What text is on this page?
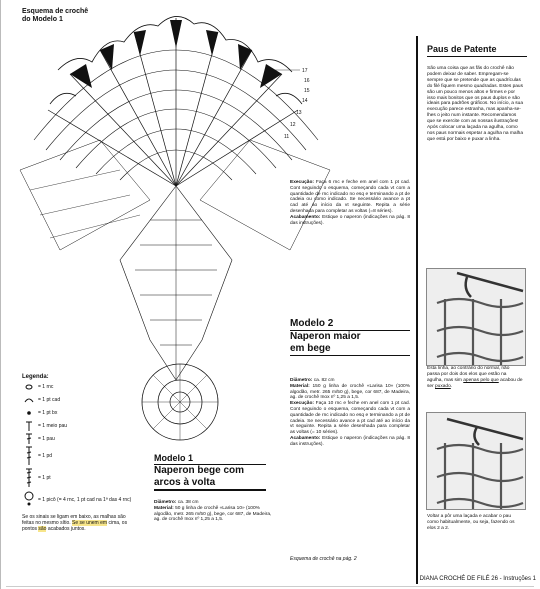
17
16
15
14
13
12
11
Esquema de crochê
do Modelo 1
Legenda:
= 1 rnc
= 1 pt cad
= 1 pt bx
= 1 meio pau
= 1 pau
= 1 pd
= 1 pt
= 1 picô (= 4 rnc, 1 pt cad na 1ª das 4 rnc)
Se os sinais se ligam em baixo, as malhas são feitas no mesmo sítio. Se se unem em cima, os pontos são acabados juntos.
Modelo 1
Naperon bege com
arcos à volta
Diâmetro: ca. 38 cm
Material: 50 g linha de crochê «Larisa 10» (100% algodão, metr. 265 m/50 g), bege, cor 687, de Madeira, ag. de crochê Inox nº 1,25 a 1,5.
Execução: Faça 6 rnc e feche em anel com 1 pt cad. Cont seguindo o esquema, começando cada vt com a quantidade de rnc indicado no esq e terminando a pt de cadeia ou como indicado. Se necessário avance a pt cad até ao início da vt seguinte. Repita a série desenhada para completar as voltas (=8 séries).
Acabamento: Estique o naperon (indicações na pág. 8 das instruções).
Modelo 2
Naperon maior
em bege
Diâmetro: ca. 82 cm
Material: 150 g linha de crochê «Larisa 10» (100% algodão, metr. 265 m/50 g), bege, cor 687, de Madeira, ag. de crochê Inox nº 1,25 a 1,5.
Execução: Faça 10 rnc e feche em anel com 1 pt cad. Cont seguindo o esquema, começando cada vt com a quantidade de rnc indicado no esq e terminando a pt de cadeia. Se necessário avance a pt cad até ao início da vt seguinte. Repita a série desenhada para completar as voltas (= 10 séries).
Acabamento: Estique o naperon (indicações na pág. 8 das instruções).
Esquema de crochê na pág. 2
Paus de Patente
São uma coisa que as fãs do crochê não podem deixar de saber. Empregam-se sempre que se pretende que as quadrículas do filé fiquem mesmo quadradas. Estes paus são um pouco menos altos e firmes e por isso mais bonitos que os paus duplos e são ideais para padrões gráficos. No início, a sua execução parece estranha, mas apanha-se-lhes o jeito num instante. Recomendamos que se exercite com as nossas ilustrações! Após colocar uma laçada na agulha, como nos paus normais espetar a agulha na malha que está por baixo e puxar a linha.
Esta linha, ao contrário do normal, não passa por dois dos elos que estão na agulha, mas sim apenas pelo que acabou de ser puxado.
Voltar a pôr uma laçada e acabar o pau como habitualmente, ou seja, fazendo os elos 2 a 2.
DIANA CROCHÉ DE FILÉ 26 - Instruções 1
